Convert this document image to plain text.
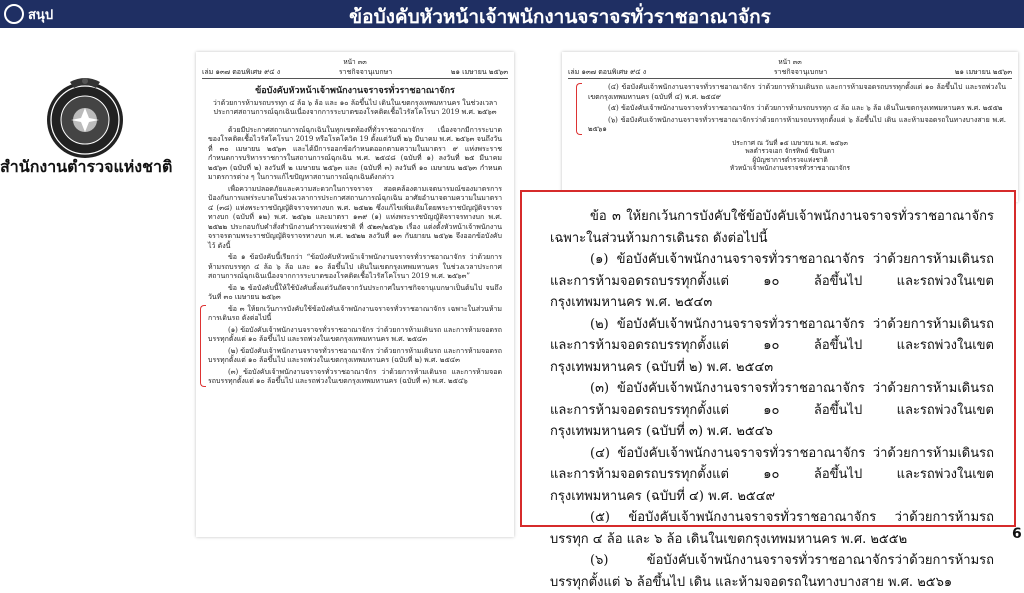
สนุป	ข้อบังคับหัวหน้าเจ้าพนักงานจราจรทั่วราชอาณาจักร
สำนักงานตำรวจแห่งชาติ
หน้า ๓๓
เล่ม ๑๓๗ ตอนพิเศษ ๙๔ ง	ราชกิจจานุเบกษา	๒๑ เมษายน ๒๕๖๓
ข้อบังคับหัวหน้าเจ้าพนักงานจราจรทั่วราชอาณาจักร
ว่าด้วยการห้ามรถบรรทุก ๔ ล้อ ๖ ล้อ และ ๑๐ ล้อขึ้นไป เดินในเขตกรุงเทพมหานคร ในช่วงเวลาประกาศสถานการณ์ฉุกเฉินเนื่องจากการระบาดของโรคติดเชื้อไวรัสโคโรนา 2019 พ.ศ. ๒๕๖๓

ด้วยมีประกาศสถานการณ์ฉุกเฉินในทุกเขตท้องที่ทั่วราชอาณาจักร เนื่องจากมีการระบาดของโรคติดเชื้อไวรัสโคโรนา 2019 หรือโรคโควิด 19 ตั้งแต่วันที่ ๒๖ มีนาคม พ.ศ. ๒๕๖๓ จนถึงวันที่ ๓๐ เมษายน ๒๕๖๓ และได้มีการออกข้อกำหนดออกตามความในมาตรา ๙ แห่งพระราชกำหนดการบริหารราชการในสถานการณ์ฉุกเฉิน พ.ศ. ๒๕๔๘ (ฉบับที่ ๑) ลงวันที่ ๒๕ มีนาคม ๒๕๖๓ (ฉบับที่ ๒) ลงวันที่ ๒ เมษายน ๒๕๖๓ และ (ฉบับที่ ๓) ลงวันที่ ๑๐ เมษายน ๒๕๖๓ กำหนดมาตรการต่าง ๆ ในการแก้ไขปัญหาสถานการณ์ฉุกเฉินดังกล่าว

เพื่อความปลอดภัยและความสะดวกในการจราจร สอดคล้องตามเจตนารมณ์ของมาตรการป้องกันการแพร่ระบาดในช่วงเวลาการประกาศสถานการณ์ฉุกเฉิน อาศัยอำนาจตามความในมาตรา ๔ (๓๘) แห่งพระราชบัญญัติจราจรทางบก พ.ศ. ๒๕๒๒ ซึ่งแก้ไขเพิ่มเติมโดยพระราชบัญญัติจราจรทางบก (ฉบับที่ ๑๒) พ.ศ. ๒๕๖๒ และมาตรา ๑๓๙ (๑) แห่งพระราชบัญญัติจราจรทางบก พ.ศ. ๒๕๒๒ ประกอบกับคำสั่งสำนักงานตำรวจแห่งชาติ ที่ ๕๒๓/๒๕๖๒ เรื่อง แต่งตั้งหัวหน้าเจ้าพนักงานจราจรตามพระราชบัญญัติจราจรทางบก พ.ศ. ๒๕๒๒ ลงวันที่ ๑๓ กันยายน ๒๕๖๒ จึงออกข้อบังคับไว้ ดังนี้

ข้อ ๑ ข้อบังคับนี้เรียกว่า “ข้อบังคับหัวหน้าเจ้าพนักงานจราจรทั่วราชอาณาจักร ว่าด้วยการห้ามรถบรรทุก ๔ ล้อ ๖ ล้อ และ ๑๐ ล้อขึ้นไป เดินในเขตกรุงเทพมหานคร ในช่วงเวลาประกาศสถานการณ์ฉุกเฉินเนื่องจากการระบาดของโรคติดเชื้อไวรัสโคโรนา 2019 พ.ศ. ๒๕๖๓”

ข้อ ๒ ข้อบังคับนี้ให้ใช้บังคับตั้งแต่วันถัดจากวันประกาศในราชกิจจานุเบกษาเป็นต้นไป จนถึงวันที่ ๓๐ เมษายน ๒๕๖๓

ข้อ ๓ ให้ยกเว้นการบังคับใช้ข้อบังคับเจ้าพนักงานจราจรทั่วราชอาณาจักร เฉพาะในส่วนห้ามการเดินรถ ดังต่อไปนี้

(๑) ข้อบังคับเจ้าพนักงานจราจรทั่วราชอาณาจักร ว่าด้วยการห้ามเดินรถ และการห้ามจอดรถบรรทุกตั้งแต่ ๑๐ ล้อขึ้นไป และรถพ่วงในเขตกรุงเทพมหานคร พ.ศ. ๒๕๔๓

(๒) ข้อบังคับเจ้าพนักงานจราจรทั่วราชอาณาจักร ว่าด้วยการห้ามเดินรถ และการห้ามจอดรถบรรทุกตั้งแต่ ๑๐ ล้อขึ้นไป และรถพ่วงในเขตกรุงเทพมหานคร (ฉบับที่ ๒) พ.ศ. ๒๕๔๓

(๓) ข้อบังคับเจ้าพนักงานจราจรทั่วราชอาณาจักร ว่าด้วยการห้ามเดินรถ และการห้ามจอดรถบรรทุกตั้งแต่ ๑๐ ล้อขึ้นไป และรถพ่วงในเขตกรุงเทพมหานคร (ฉบับที่ ๓) พ.ศ. ๒๕๔๖

หน้า ๓๓
เล่ม ๑๓๗ ตอนพิเศษ ๙๔ ง	ราชกิจจานุเบกษา	๒๑ เมษายน ๒๕๖๓

(๔) ข้อบังคับเจ้าพนักงานจราจรทั่วราชอาณาจักร ว่าด้วยการห้ามเดินรถ และการห้ามจอดรถบรรทุกตั้งแต่ ๑๐ ล้อขึ้นไป และรถพ่วงในเขตกรุงเทพมหานคร (ฉบับที่ ๔) พ.ศ. ๒๕๔๙

(๕) ข้อบังคับเจ้าพนักงานจราจรทั่วราชอาณาจักร ว่าด้วยการห้ามรถบรรทุก ๔ ล้อ และ ๖ ล้อ เดินในเขตกรุงเทพมหานคร พ.ศ. ๒๕๕๒

(๖) ข้อบังคับเจ้าพนักงานจราจรทั่วราชอาณาจักรว่าด้วยการห้ามรถบรรทุกตั้งแต่ ๖ ล้อขึ้นไป เดิน และห้ามจอดรถในทางบางสาย พ.ศ. ๒๕๖๑

ประกาศ ณ วันที่ ๑๕ เมษายน พ.ศ. ๒๕๖๓
พลตำรวจเอก จักรทิพย์ ชัยจินดา
ผู้บัญชาการตำรวจแห่งชาติ
หัวหน้าเจ้าพนักงานจราจรทั่วราชอาณาจักร

ข้อ ๓ ให้ยกเว้นการบังคับใช้ข้อบังคับเจ้าพนักงานจราจรทั่วราชอาณาจักร เฉพาะในส่วนห้ามการเดินรถ ดังต่อไปนี้

(๑) ข้อบังคับเจ้าพนักงานจราจรทั่วราชอาณาจักร ว่าด้วยการห้ามเดินรถ และการห้ามจอดรถบรรทุกตั้งแต่ ๑๐ ล้อขึ้นไป และรถพ่วงในเขตกรุงเทพมหานคร พ.ศ. ๒๕๔๓

(๒) ข้อบังคับเจ้าพนักงานจราจรทั่วราชอาณาจักร ว่าด้วยการห้ามเดินรถ และการห้ามจอดรถบรรทุกตั้งแต่ ๑๐ ล้อขึ้นไป และรถพ่วงในเขตกรุงเทพมหานคร (ฉบับที่ ๒) พ.ศ. ๒๕๔๓

(๓) ข้อบังคับเจ้าพนักงานจราจรทั่วราชอาณาจักร ว่าด้วยการห้ามเดินรถ และการห้ามจอดรถบรรทุกตั้งแต่ ๑๐ ล้อขึ้นไป และรถพ่วงในเขตกรุงเทพมหานคร (ฉบับที่ ๓) พ.ศ. ๒๕๔๖

(๔) ข้อบังคับเจ้าพนักงานจราจรทั่วราชอาณาจักร ว่าด้วยการห้ามเดินรถ และการห้ามจอดรถบรรทุกตั้งแต่ ๑๐ ล้อขึ้นไป และรถพ่วงในเขตกรุงเทพมหานคร (ฉบับที่ ๔) พ.ศ. ๒๕๔๙

(๕) ข้อบังคับเจ้าพนักงานจราจรทั่วราชอาณาจักร ว่าด้วยการห้ามรถบรรทุก ๔ ล้อ และ ๖ ล้อ เดินในเขตกรุงเทพมหานคร พ.ศ. ๒๕๕๒

(๖) ข้อบังคับเจ้าพนักงานจราจรทั่วราชอาณาจักรว่าด้วยการห้ามรถบรรทุกตั้งแต่ ๖ ล้อขึ้นไป เดิน และห้ามจอดรถในทางบางสาย พ.ศ. ๒๕๖๑

6
